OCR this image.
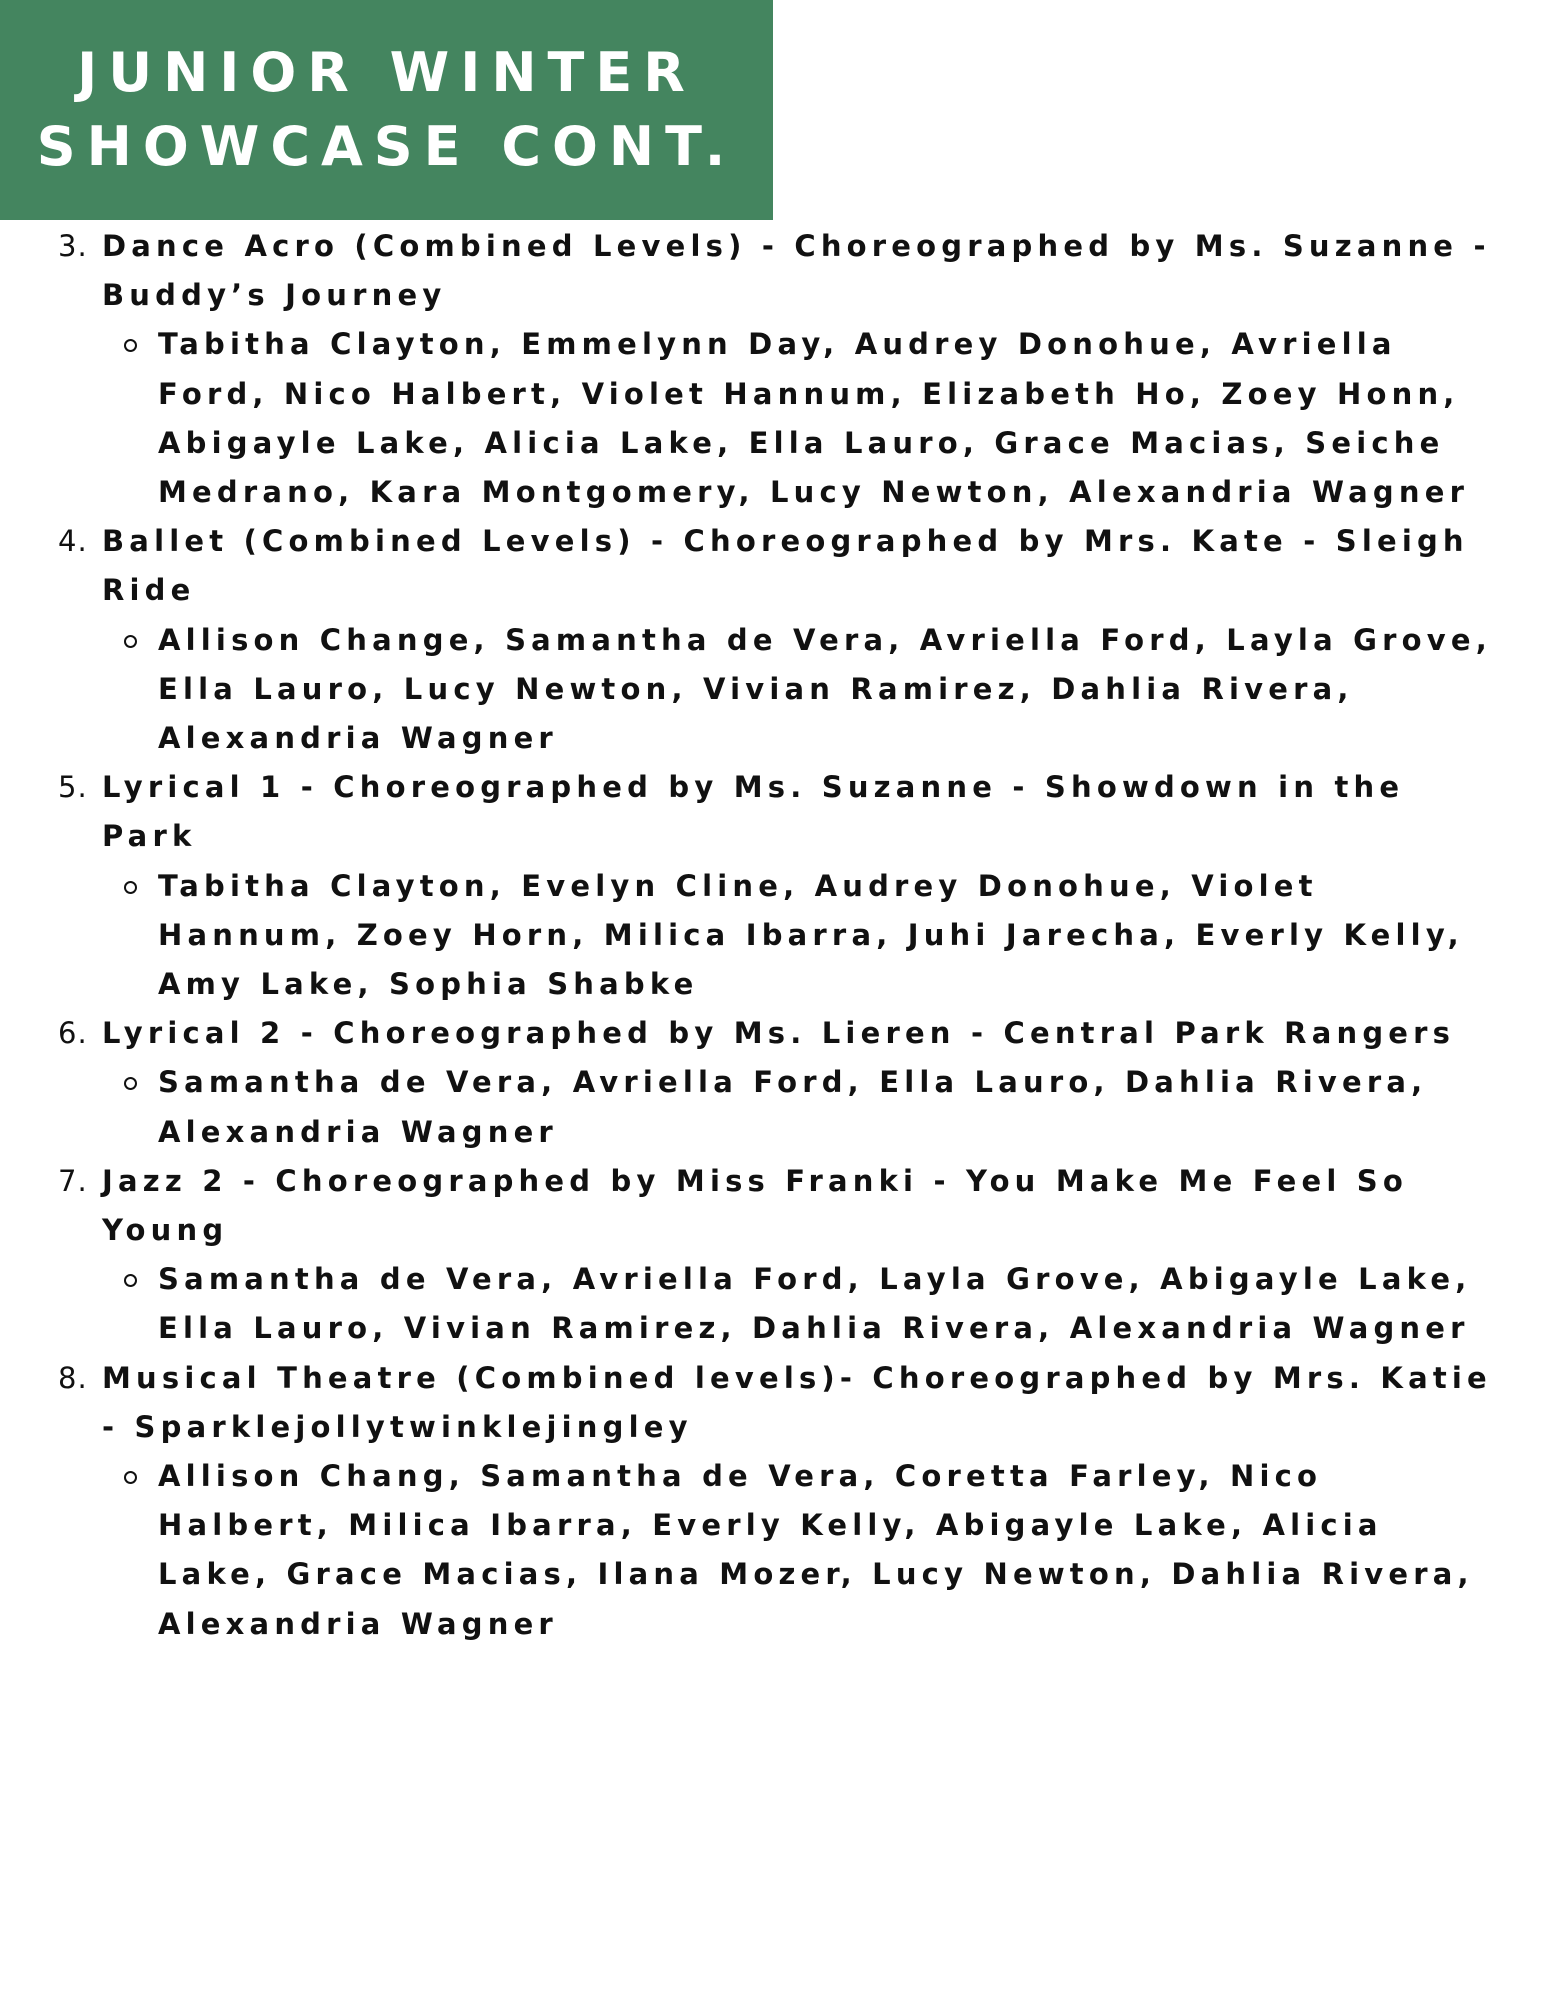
JUNIOR WINTER
SHOWCASE CONT.
3. Dance Acro (Combined Levels) - Choreographed by Ms. Suzanne - Buddy’s Journey
Tabitha Clayton, Emmelynn Day, Audrey Donohue, Avriella Ford, Nico Halbert, Violet Hannum, Elizabeth Ho, Zoey Honn, Abigayle Lake, Alicia Lake, Ella Lauro, Grace Macias, Seiche Medrano, Kara Montgomery, Lucy Newton, Alexandria Wagner
4. Ballet (Combined Levels) - Choreographed by Mrs. Kate - Sleigh Ride
Allison Change, Samantha de Vera, Avriella Ford, Layla Grove, Ella Lauro, Lucy Newton, Vivian Ramirez, Dahlia Rivera, Alexandria Wagner
5. Lyrical 1 - Choreographed by Ms. Suzanne - Showdown in the Park
Tabitha Clayton, Evelyn Cline, Audrey Donohue, Violet Hannum, Zoey Horn, Milica Ibarra, Juhi Jarecha, Everly Kelly, Amy Lake, Sophia Shabke
6. Lyrical 2 - Choreographed by Ms. Lieren - Central Park Rangers
Samantha de Vera, Avriella Ford, Ella Lauro, Dahlia Rivera, Alexandria Wagner
7. Jazz 2 - Choreographed by Miss Franki - You Make Me Feel So Young
Samantha de Vera, Avriella Ford, Layla Grove, Abigayle Lake, Ella Lauro, Vivian Ramirez, Dahlia Rivera, Alexandria Wagner
8. Musical Theatre (Combined levels)- Choreographed by Mrs. Katie - Sparklejollytwinklejingley
Allison Chang, Samantha de Vera, Coretta Farley, Nico Halbert, Milica Ibarra, Everly Kelly, Abigayle Lake, Alicia Lake, Grace Macias, Ilana Mozer, Lucy Newton, Dahlia Rivera, Alexandria Wagner
